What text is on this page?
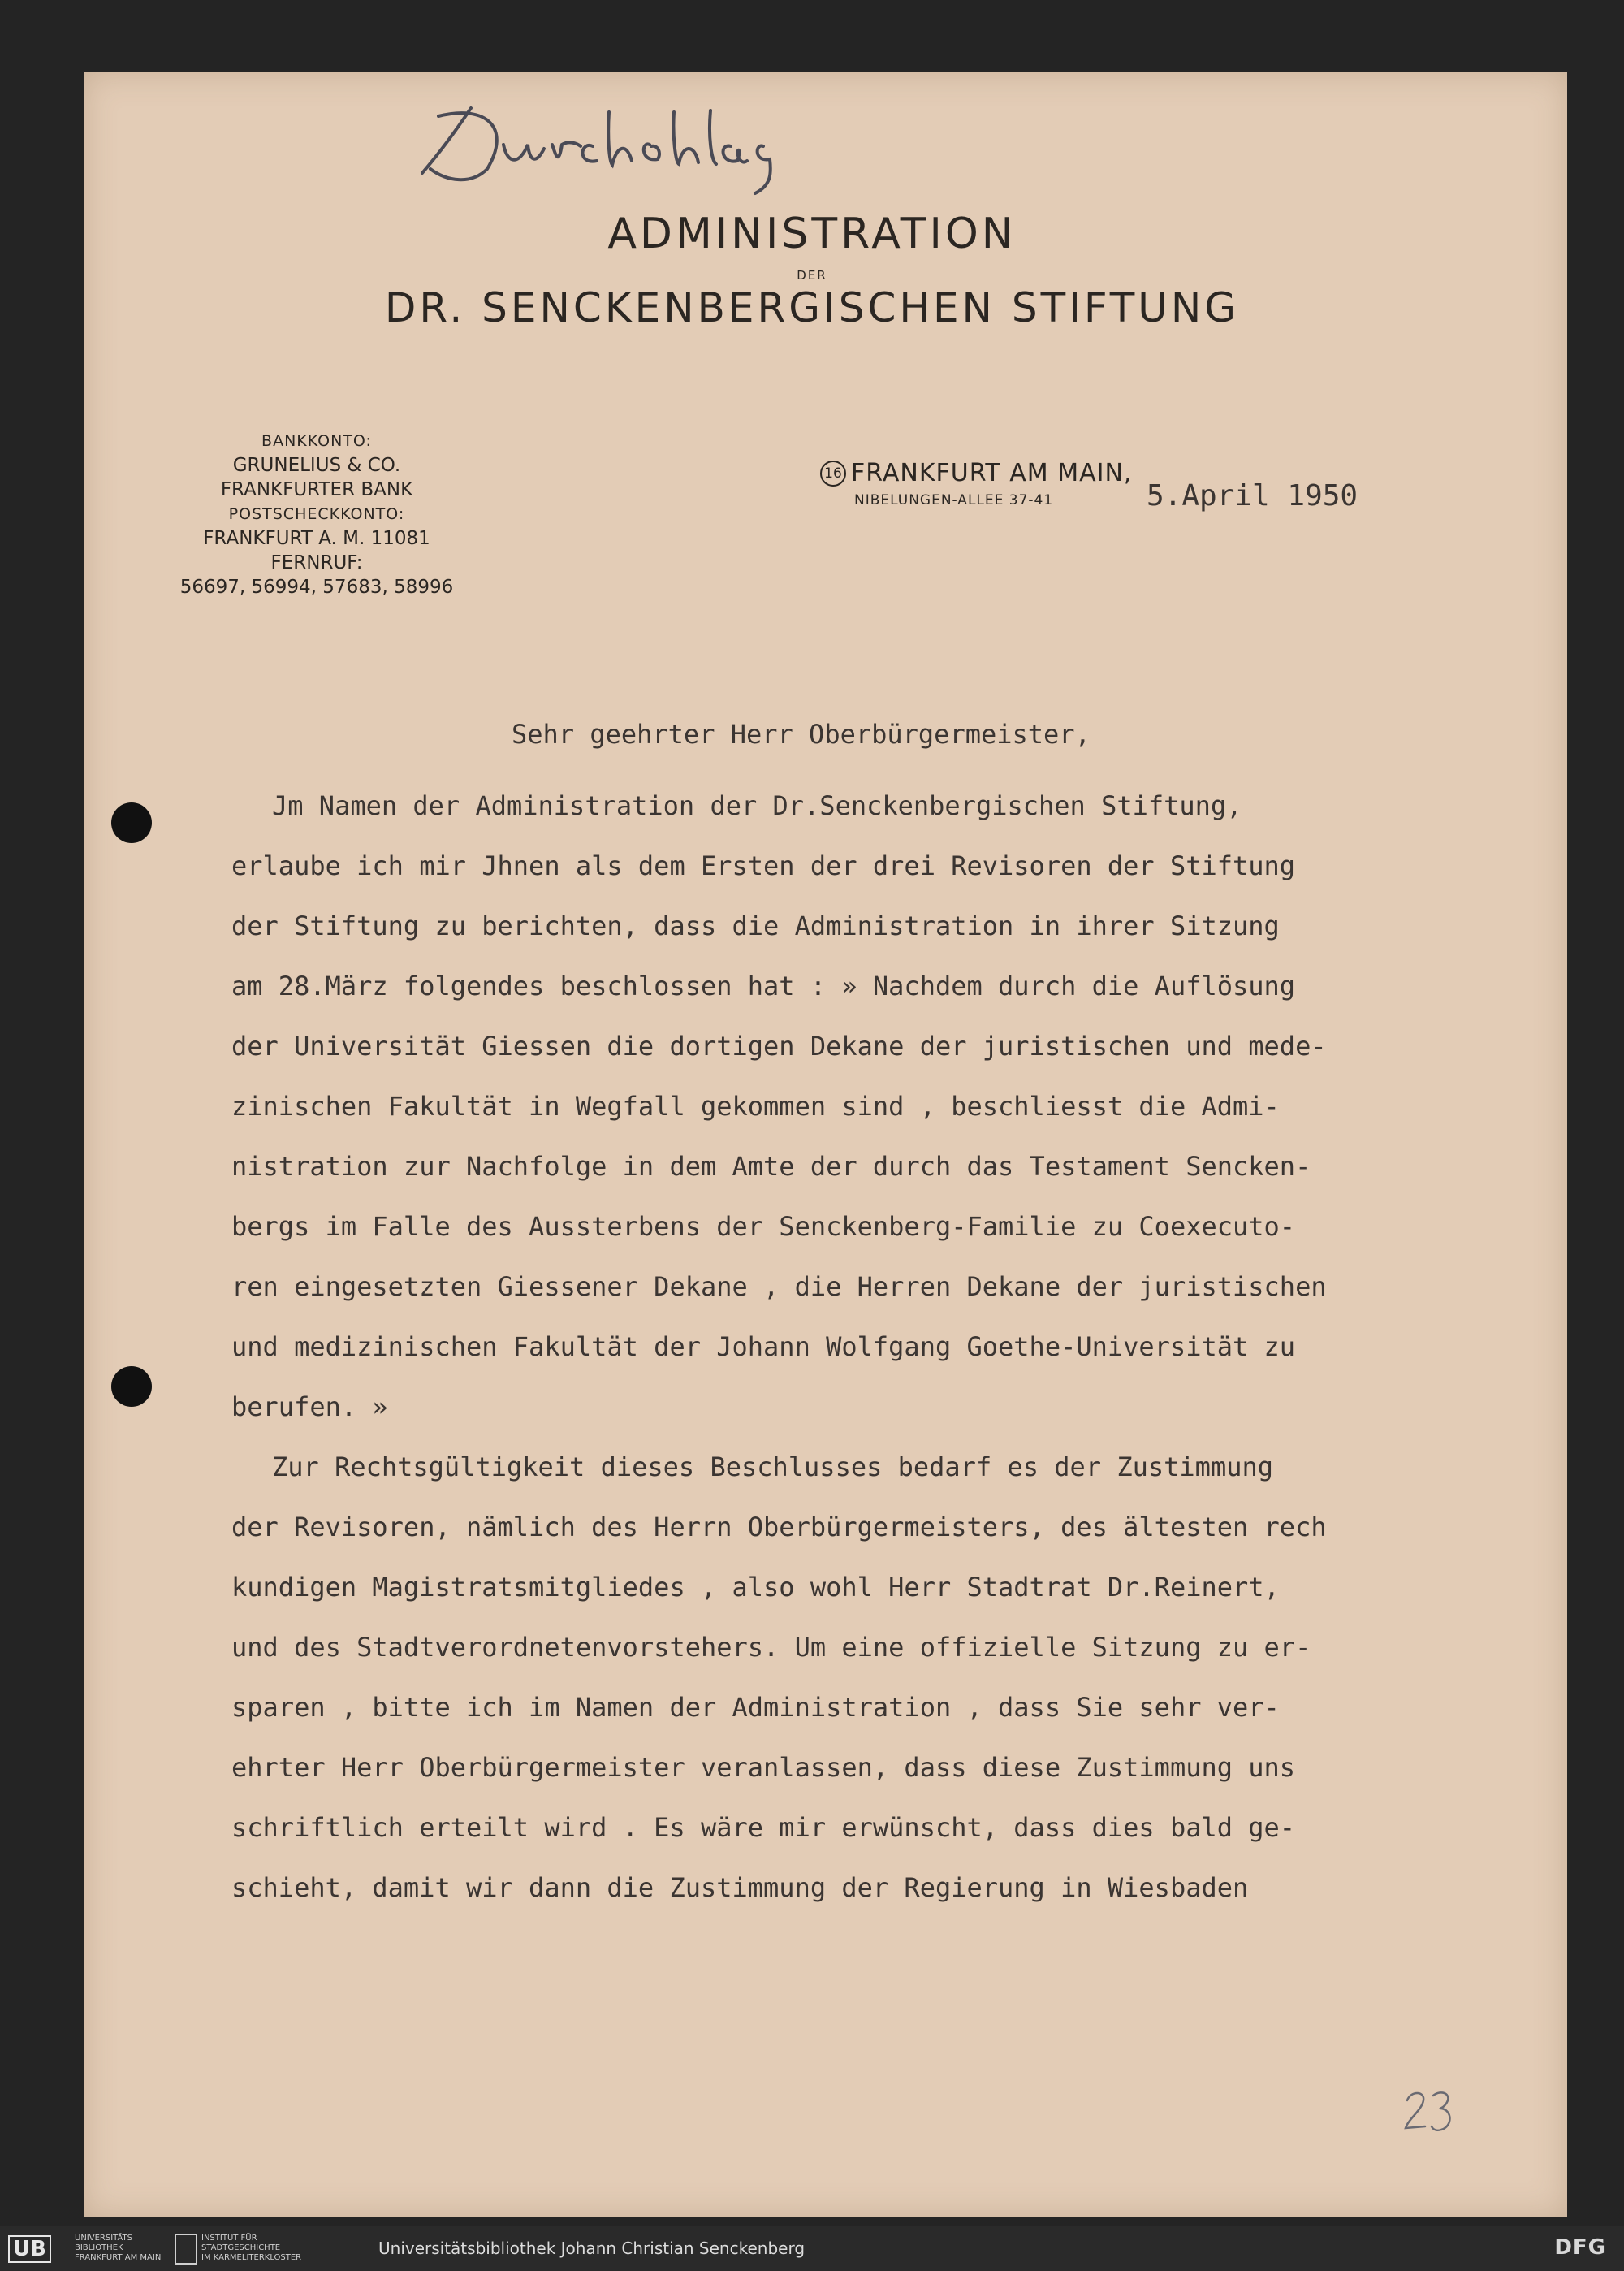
ADMINISTRATION
DER
DR. SENCKENBERGISCHEN STIFTUNG
BANKKONTO:
GRUNELIUS & CO.
FRANKFURTER BANK
POSTSCHECKKONTO:
FRANKFURT A. M. 11081
FERNRUF:
56697, 56994, 57683, 58996
16 FRANKFURT AM MAIN,
NIBELUNGEN-ALLEE 37-41	5.April 1950
Sehr geehrter Herr Oberbürgermeister,
Jm Namen der Administration der Dr.Senckenbergischen Stiftung,
erlaube ich mir Jhnen als dem Ersten der drei Revisoren der Stiftung
der Stiftung zu berichten, dass die Administration in ihrer Sitzung
am 28.März folgendes beschlossen hat : » Nachdem durch die Auflösung
der Universität Giessen die dortigen Dekane der juristischen und mede-
zinischen Fakultät in Wegfall gekommen sind , beschliesst die Admi-
nistration zur Nachfolge in dem Amte der durch das Testament Sencken-
bergs im Falle des Aussterbens der Senckenberg-Familie zu Coexecuto-
ren eingesetzten Giessener Dekane , die Herren Dekane der juristischen
und medizinischen Fakultät der Johann Wolfgang Goethe-Universität zu
berufen. »
Zur Rechtsgültigkeit dieses Beschlusses bedarf es der Zustimmung
der Revisoren, nämlich des Herrn Oberbürgermeisters, des ältesten rech
kundigen Magistratsmitgliedes , also wohl Herr Stadtrat Dr.Reinert,
und des Stadtverordnetenvorstehers. Um eine offizielle Sitzung zu er-
sparen , bitte ich im Namen der Administration , dass Sie sehr ver-
ehrter Herr Oberbürgermeister veranlassen, dass diese Zustimmung uns
schriftlich erteilt wird . Es wäre mir erwünscht, dass dies bald ge-
schieht, damit wir dann die Zustimmung der Regierung in Wiesbaden
UB	UNIVERSITÄTS
BIBLIOTHEK
FRANKFURT AM MAIN
INSTITUT FÜR
STADTGESCHICHTE
IM KARMELITERKLOSTER	Universitätsbibliothek Johann Christian Senckenberg	DFG
